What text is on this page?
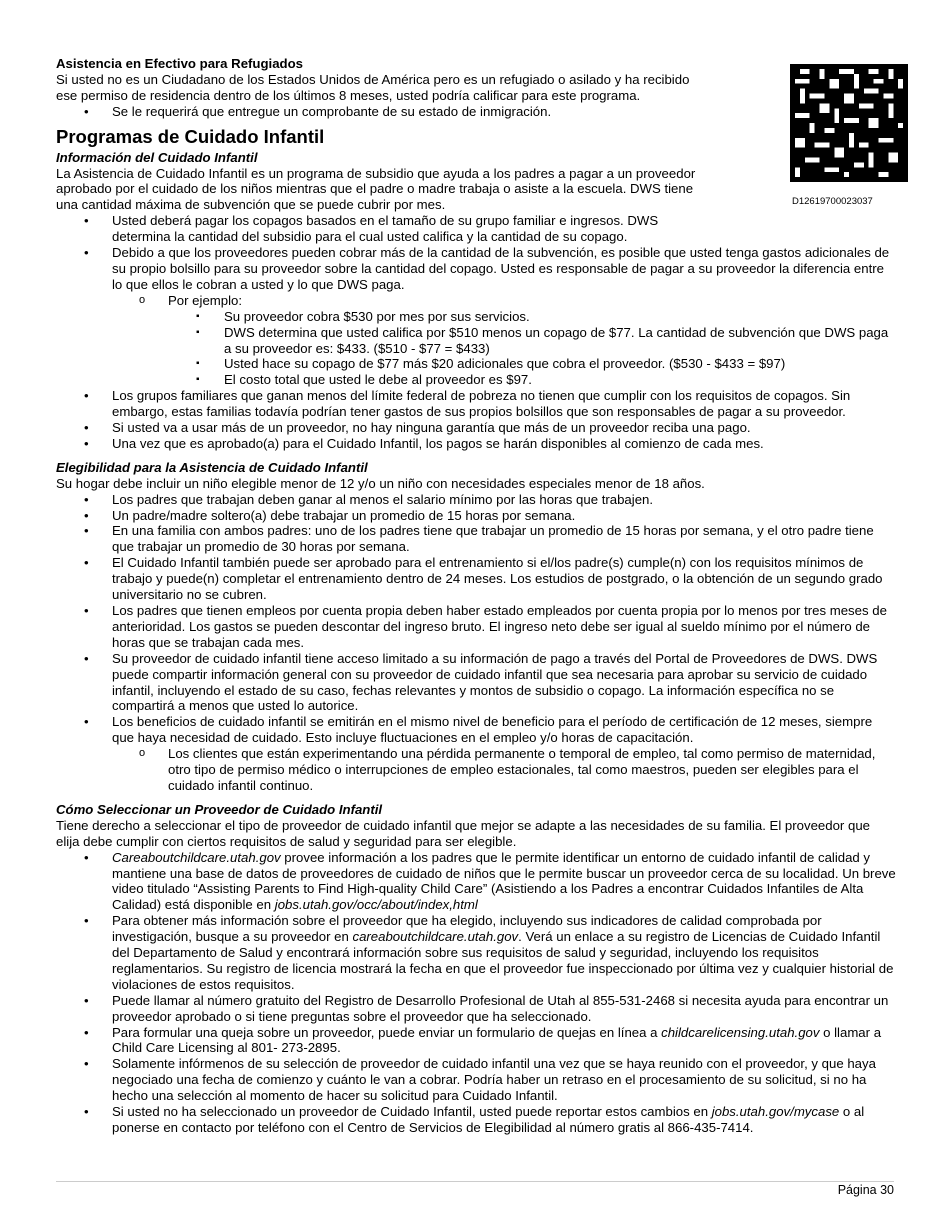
D12619700023037

Asistencia en Efectivo para Refugiados

Si usted no es un Ciudadano de los Estados Unidos de América pero es un refugiado o asilado y ha recibido ese permiso de residencia dentro de los últimos 8 meses, usted podría calificar para este programa.

• Se le requerirá que entregue un comprobante de su estado de inmigración.

Programas de Cuidado Infantil

Información del Cuidado Infantil

La Asistencia de Cuidado Infantil es un programa de subsidio que ayuda a los padres a pagar a un proveedor aprobado por el cuidado de los niños mientras que el padre o madre trabaja o asiste a la escuela. DWS tiene una cantidad máxima de subvención que se puede cubrir por mes.

• Usted deberá pagar los copagos basados en el tamaño de su grupo familiar e ingresos. DWS determina la cantidad del subsidio para el cual usted califica y la cantidad de su copago.
• Debido a que los proveedores pueden cobrar más de la cantidad de la subvención, es posible que usted tenga gastos adicionales de su propio bolsillo para su proveedor sobre la cantidad del copago. Usted es responsable de pagar a su proveedor la diferencia entre lo que ellos le cobran a usted y lo que DWS paga.
o Por ejemplo:
▪ Su proveedor cobra $530 por mes por sus servicios.
▪ DWS determina que usted califica por $510 menos un copago de $77. La cantidad de subvención que DWS paga a su proveedor es: $433. ($510 - $77 = $433)
▪ Usted hace su copago de $77 más $20 adicionales que cobra el proveedor. ($530 - $433 = $97)
▪ El costo total que usted le debe al proveedor es $97.
• Los grupos familiares que ganan menos del límite federal de pobreza no tienen que cumplir con los requisitos de copagos. Sin embargo, estas familias todavía podrían tener gastos de sus propios bolsillos que son responsables de pagar a su proveedor.
• Si usted va a usar más de un proveedor, no hay ninguna garantía que más de un proveedor reciba una pago.
• Una vez que es aprobado(a) para el Cuidado Infantil, los pagos se harán disponibles al comienzo de cada mes.

Elegibilidad para la Asistencia de Cuidado Infantil

Su hogar debe incluir un niño elegible menor de 12 y/o un niño con necesidades especiales menor de 18 años.

• Los padres que trabajan deben ganar al menos el salario mínimo por las horas que trabajen.
• Un padre/madre soltero(a) debe trabajar un promedio de 15 horas por semana.
• En una familia con ambos padres: uno de los padres tiene que trabajar un promedio de 15 horas por semana, y el otro padre tiene que trabajar un promedio de 30 horas por semana.
• El Cuidado Infantil también puede ser aprobado para el entrenamiento si el/los padre(s) cumple(n) con los requisitos mínimos de trabajo y puede(n) completar el entrenamiento dentro de 24 meses. Los estudios de postgrado, o la obtención de un segundo grado universitario no se cubren.
• Los padres que tienen empleos por cuenta propia deben haber estado empleados por cuenta propia por lo menos por tres meses de anterioridad. Los gastos se pueden descontar del ingreso bruto. El ingreso neto debe ser igual al sueldo mínimo por el número de horas que se trabajan cada mes.
• Su proveedor de cuidado infantil tiene acceso limitado a su información de pago a través del Portal de Proveedores de DWS. DWS puede compartir información general con su proveedor de cuidado infantil que sea necesaria para aprobar su servicio de cuidado infantil, incluyendo el estado de su caso, fechas relevantes y montos de subsidio o copago. La información específica no se compartirá a menos que usted lo autorice.
• Los beneficios de cuidado infantil se emitirán en el mismo nivel de beneficio para el período de certificación de 12 meses, siempre que haya necesidad de cuidado. Esto incluye fluctuaciones en el empleo y/o horas de capacitación.
o Los clientes que están experimentando una pérdida permanente o temporal de empleo, tal como permiso de maternidad, otro tipo de permiso médico o interrupciones de empleo estacionales, tal como maestros, pueden ser elegibles para el cuidado infantil continuo.

Cómo Seleccionar un Proveedor de Cuidado Infantil

Tiene derecho a seleccionar el tipo de proveedor de cuidado infantil que mejor se adapte a las necesidades de su familia. El proveedor que elija debe cumplir con ciertos requisitos de salud y seguridad para ser elegible.

• Careaboutchildcare.utah.gov provee información a los padres que le permite identificar un entorno de cuidado infantil de calidad y mantiene una base de datos de proveedores de cuidado de niños que le permite buscar un proveedor cerca de su localidad. Un breve video titulado “Assisting Parents to Find High-quality Child Care” (Asistiendo a los Padres a encontrar Cuidados Infantiles de Alta Calidad) está disponible en jobs.utah.gov/occ/about/index,html
• Para obtener más información sobre el proveedor que ha elegido, incluyendo sus indicadores de calidad comprobada por investigación, busque a su proveedor en careaboutchildcare.utah.gov. Verá un enlace a su registro de Licencias de Cuidado Infantil del Departamento de Salud y encontrará información sobre sus requisitos de salud y seguridad, incluyendo los requisitos reglamentarios. Su registro de licencia mostrará la fecha en que el proveedor fue inspeccionado por última vez y cualquier historial de violaciones de estos requisitos.
• Puede llamar al número gratuito del Registro de Desarrollo Profesional de Utah al 855-531-2468 si necesita ayuda para encontrar un proveedor aprobado o si tiene preguntas sobre el proveedor que ha seleccionado.
• Para formular una queja sobre un proveedor, puede enviar un formulario de quejas en línea a childcarelicensing.utah.gov o llamar a Child Care Licensing al 801- 273-2895.
• Solamente infórmenos de su selección de proveedor de cuidado infantil una vez que se haya reunido con el proveedor, y que haya negociado una fecha de comienzo y cuánto le van a cobrar. Podría haber un retraso en el procesamiento de su solicitud, si no ha hecho una selección al momento de hacer su solicitud para Cuidado Infantil.
• Si usted no ha seleccionado un proveedor de Cuidado Infantil, usted puede reportar estos cambios en jobs.utah.gov/mycase o al ponerse en contacto por teléfono con el Centro de Servicios de Elegibilidad al número gratis al 866-435-7414.
Página 30
